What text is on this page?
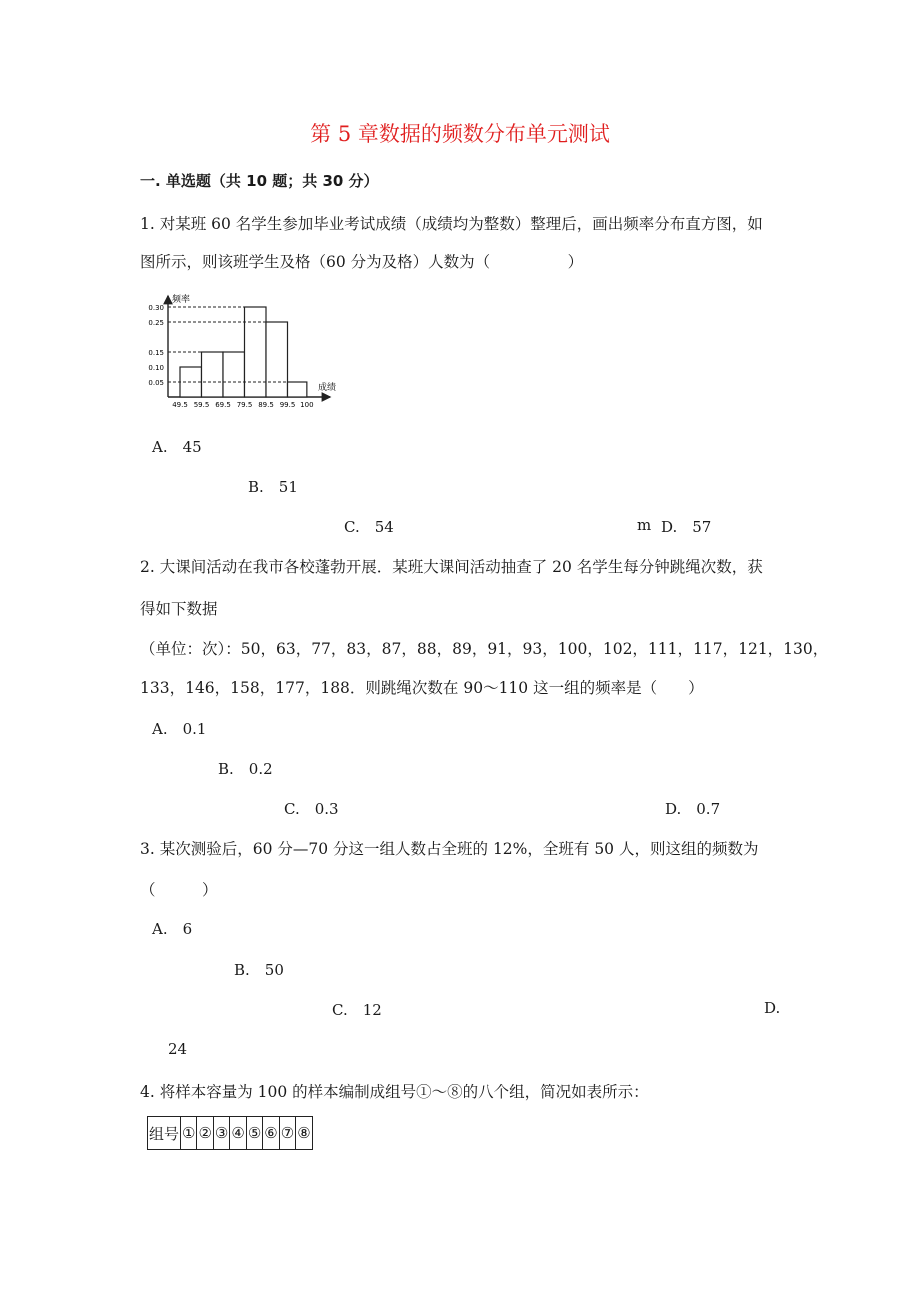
第 5 章数据的频数分布单元测试
一. 单选题（共 10 题；共 30 分）
1. 对某班 60 名学生参加毕业考试成绩（成绩均为整数）整理后，画出频率分布直方图，如
图所示，则该班学生及格（60 分为及格）人数为（　　　　　）
频率
成绩
0.30
0.25
0.15
0.10
0.05
49.5 59.5 69.5 79.5 89.5 99.5 100
A.　45
B.　51
C.　54	m D.　57
2. 大课间活动在我市各校蓬勃开展．某班大课间活动抽查了 20 名学生每分钟跳绳次数，获
得如下数据
（单位：次）：50，63，77，83，87，88，89，91，93，100，102，111，117，121，130，
133，146，158，177，188．则跳绳次数在 90～110 这一组的频率是（　　）
A.　0.1
B.　0.2
C.　0.3	D.　0.7
3. 某次测验后，60 分—70 分这一组人数占全班的 12%，全班有 50 人，则这组的频数为
（　　　）
A.　6
B.　50
C.　12	D.
24
4. 将样本容量为 100 的样本编制成组号①～⑧的八个组，简况如表所示：
组号	①	②	③	④	⑤	⑥	⑦	⑧
